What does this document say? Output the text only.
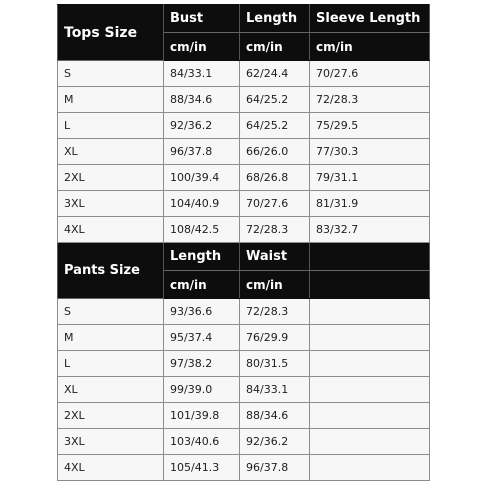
Tops Size	Bust	Length	Sleeve Length
	cm/in	cm/in	cm/in
S	84/33.1	62/24.4	70/27.6
M	88/34.6	64/25.2	72/28.3
L	92/36.2	64/25.2	75/29.5
XL	96/37.8	66/26.0	77/30.3
2XL	100/39.4	68/26.8	79/31.1
3XL	104/40.9	70/27.6	81/31.9
4XL	108/42.5	72/28.3	83/32.7
Pants Size	Length	Waist	
	cm/in	cm/in	
S	93/36.6	72/28.3	
M	95/37.4	76/29.9	
L	97/38.2	80/31.5	
XL	99/39.0	84/33.1	
2XL	101/39.8	88/34.6	
3XL	103/40.6	92/36.2	
4XL	105/41.3	96/37.8	
